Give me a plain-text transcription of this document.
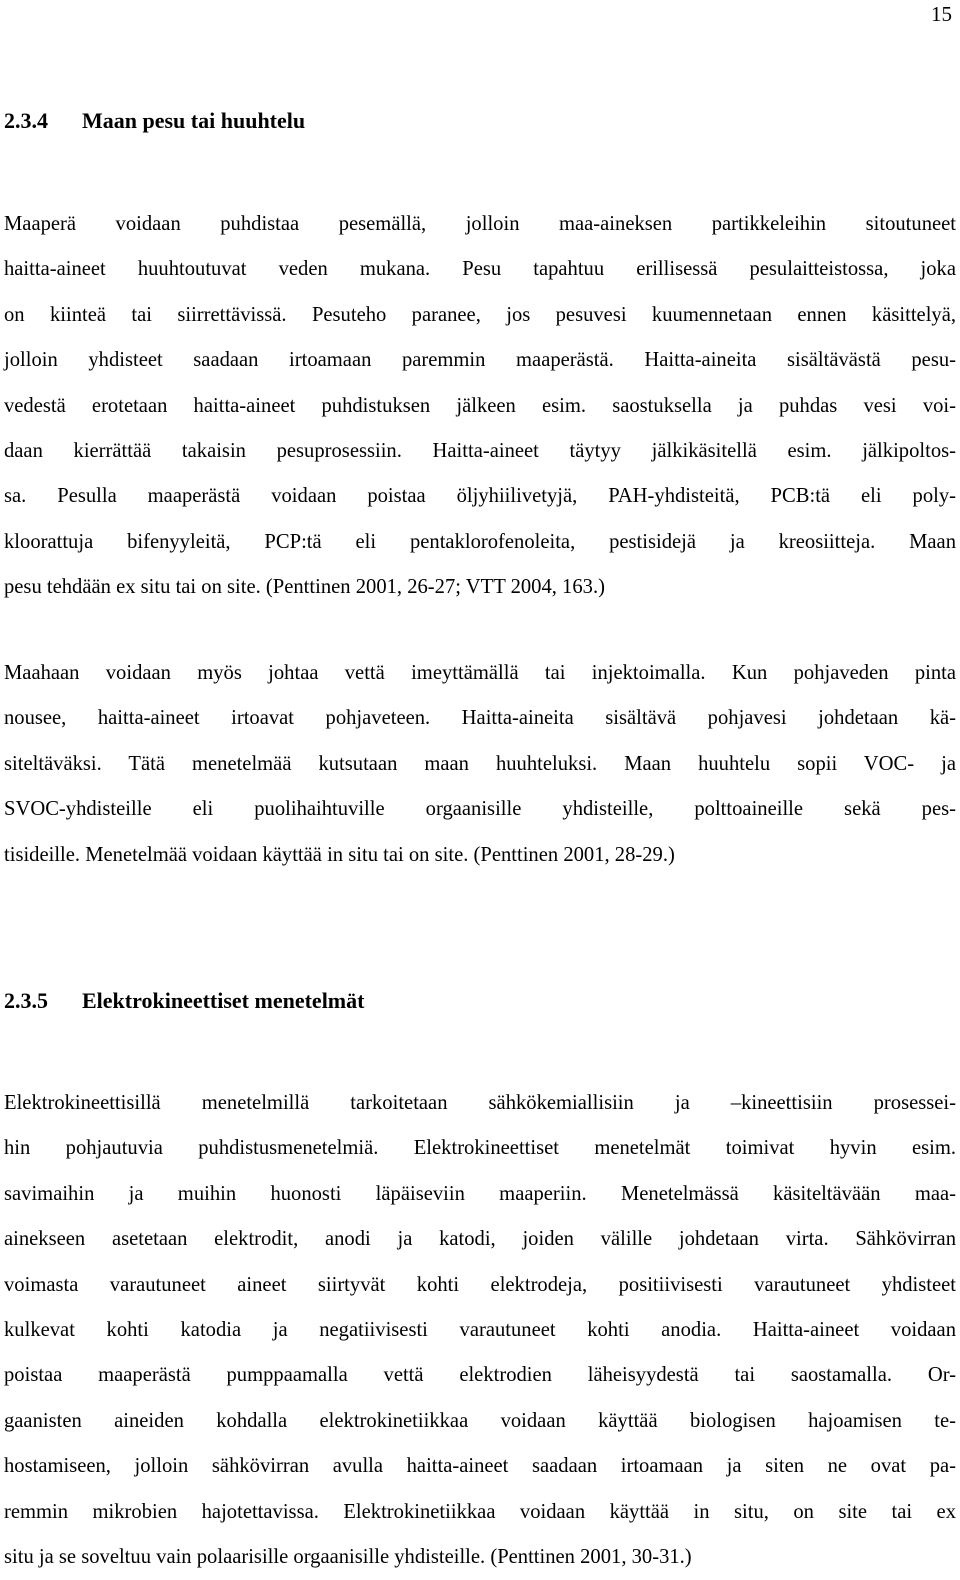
15
2.3.4 Maan pesu tai huuhtelu
Maaperä voidaan puhdistaa pesemällä, jolloin maa-aineksen partikkeleihin sitoutuneet
haitta-aineet huuhtoutuvat veden mukana. Pesu tapahtuu erillisessä pesulaitteistossa, joka
on kiinteä tai siirrettävissä. Pesuteho paranee, jos pesuvesi kuumennetaan ennen käsittelyä,
jolloin yhdisteet saadaan irtoamaan paremmin maaperästä. Haitta-aineita sisältävästä pesu-
vedestä erotetaan haitta-aineet puhdistuksen jälkeen esim. saostuksella ja puhdas vesi voi-
daan kierrättää takaisin pesuprosessiin. Haitta-aineet täytyy jälkikäsitellä esim. jälkipoltos-
sa. Pesulla maaperästä voidaan poistaa öljyhiilivetyjä, PAH-yhdisteitä, PCB:tä eli poly-
kloorattuja bifenyyleitä, PCP:tä eli pentaklorofenoleita, pestisidejä ja kreosiitteja. Maan
pesu tehdään ex situ tai on site. (Penttinen 2001, 26-27; VTT 2004, 163.)
Maahaan voidaan myös johtaa vettä imeyttämällä tai injektoimalla. Kun pohjaveden pinta
nousee, haitta-aineet irtoavat pohjaveteen. Haitta-aineita sisältävä pohjavesi johdetaan kä-
siteltäväksi. Tätä menetelmää kutsutaan maan huuhteluksi. Maan huuhtelu sopii VOC- ja
SVOC-yhdisteille eli puolihaihtuville orgaanisille yhdisteille, polttoaineille sekä pes-
tisideille. Menetelmää voidaan käyttää in situ tai on site. (Penttinen 2001, 28-29.)
2.3.5 Elektrokineettiset menetelmät
Elektrokineettisillä menetelmillä tarkoitetaan sähkökemiallisiin ja –kineettisiin prosessei-
hin pohjautuvia puhdistusmenetelmiä. Elektrokineettiset menetelmät toimivat hyvin esim.
savimaihin ja muihin huonosti läpäiseviin maaperiin. Menetelmässä käsiteltävään maa-
ainekseen asetetaan elektrodit, anodi ja katodi, joiden välille johdetaan virta. Sähkövirran
voimasta varautuneet aineet siirtyvät kohti elektrodeja, positiivisesti varautuneet yhdisteet
kulkevat kohti katodia ja negatiivisesti varautuneet kohti anodia. Haitta-aineet voidaan
poistaa maaperästä pumppaamalla vettä elektrodien läheisyydestä tai saostamalla. Or-
gaanisten aineiden kohdalla elektrokinetiikkaa voidaan käyttää biologisen hajoamisen te-
hostamiseen, jolloin sähkövirran avulla haitta-aineet saadaan irtoamaan ja siten ne ovat pa-
remmin mikrobien hajotettavissa. Elektrokinetiikkaa voidaan käyttää in situ, on site tai ex
situ ja se soveltuu vain polaarisille orgaanisille yhdisteille. (Penttinen 2001, 30-31.)
